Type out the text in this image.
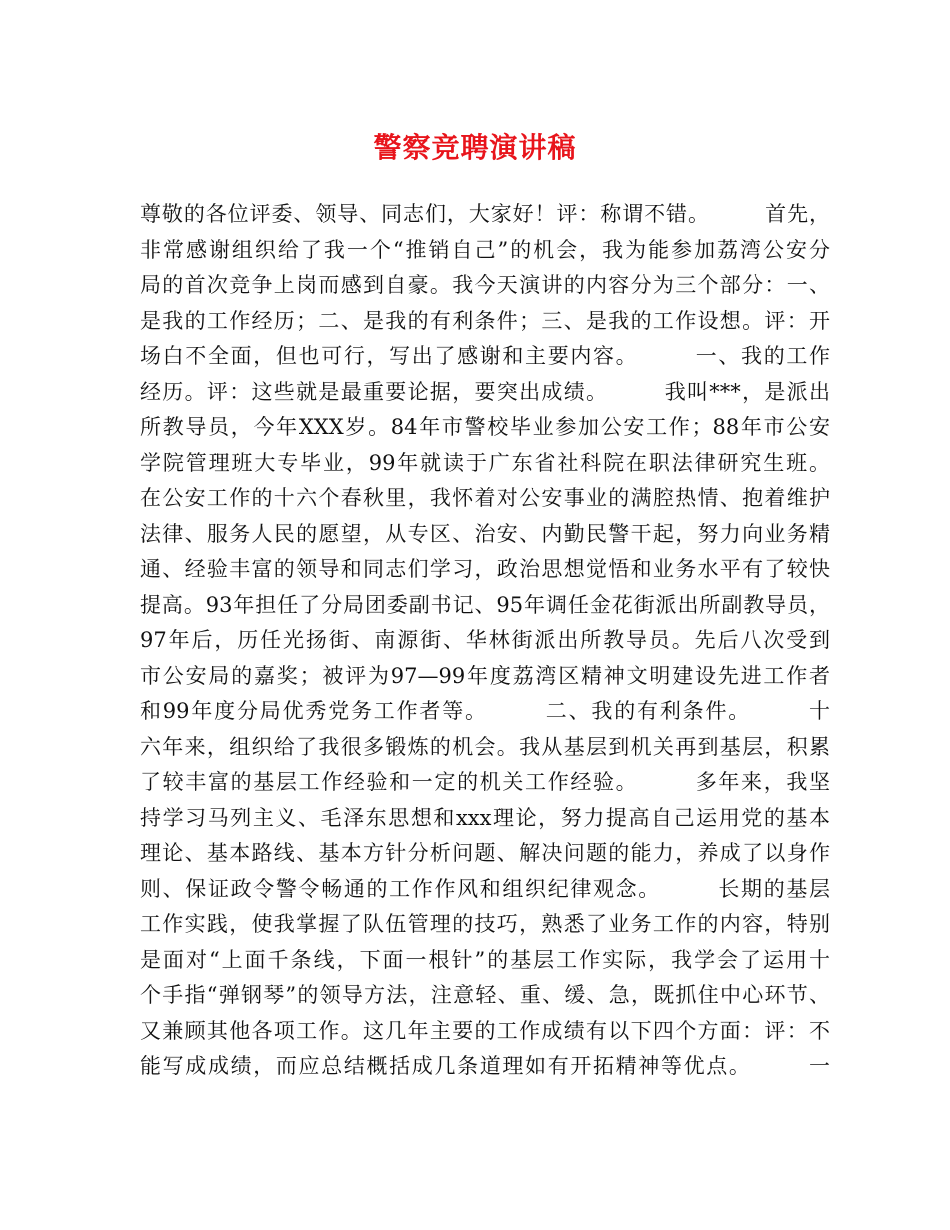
警察竞聘演讲稿
尊敬的各位评委、领导、同志们，大家好！评：称谓不错。　　　首先，
非常感谢组织给了我一个“推销自己”的机会，我为能参加荔湾公安分
局的首次竞争上岗而感到自豪。我今天演讲的内容分为三个部分：一、
是我的工作经历；二、是我的有利条件；三、是我的工作设想。评：开
场白不全面，但也可行，写出了感谢和主要内容。　　　一、我的工作
经历。评：这些就是最重要论据，要突出成绩。　　　我叫***，是派出
所教导员，今年XXX岁。84年市警校毕业参加公安工作；88年市公安
学院管理班大专毕业，99年就读于广东省社科院在职法律研究生班。
在公安工作的十六个春秋里，我怀着对公安事业的满腔热情、抱着维护
法律、服务人民的愿望，从专区、治安、内勤民警干起，努力向业务精
通、经验丰富的领导和同志们学习，政治思想觉悟和业务水平有了较快
提高。93年担任了分局团委副书记、95年调任金花街派出所副教导员，
97年后，历任光扬街、南源街、华林街派出所教导员。先后八次受到
市公安局的嘉奖；被评为97—99年度荔湾区精神文明建设先进工作者
和99年度分局优秀党务工作者等。　　　二、我的有利条件。　　　十
六年来，组织给了我很多锻炼的机会。我从基层到机关再到基层，积累
了较丰富的基层工作经验和一定的机关工作经验。　　　多年来，我坚
持学习马列主义、毛泽东思想和xxx理论，努力提高自己运用党的基本
理论、基本路线、基本方针分析问题、解决问题的能力，养成了以身作
则、保证政令警令畅通的工作作风和组织纪律观念。　　　长期的基层
工作实践，使我掌握了队伍管理的技巧，熟悉了业务工作的内容，特别
是面对“上面千条线，下面一根针”的基层工作实际，我学会了运用十
个手指“弹钢琴”的领导方法，注意轻、重、缓、急，既抓住中心环节、
又兼顾其他各项工作。这几年主要的工作成绩有以下四个方面：评：不
能写成成绩，而应总结概括成几条道理如有开拓精神等优点。　　　一
